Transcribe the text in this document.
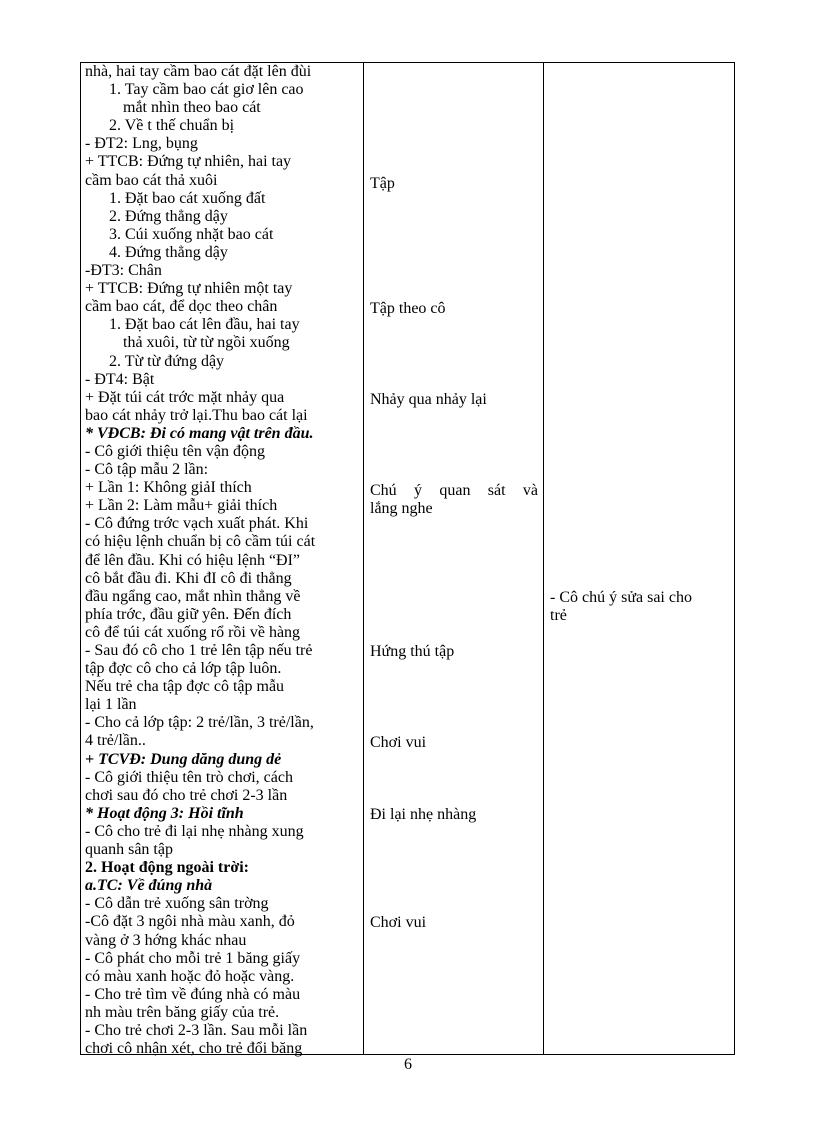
nhà, hai tay cầm bao cát đặt lên đùi
1. Tay cầm bao cát giơ lên cao
mắt nhìn theo bao cát
2. Về t thế chuẩn bị
- ĐT2: Lng, bụng
+ TTCB: Đứng tự nhiên, hai tay
cầm bao cát thả xuôi
1. Đặt bao cát xuống đất
2. Đứng thẳng dậy
3. Cúi xuống nhặt bao cát
4. Đứng thẳng dậy
-ĐT3: Chân
+ TTCB: Đứng tự nhiên một tay
cầm bao cát, để dọc theo chân
1. Đặt bao cát lên đầu, hai tay
thả xuôi, từ từ ngồi xuống
2. Từ từ đứng dậy
- ĐT4: Bật
+ Đặt túi cát trớc mặt nhảy qua
bao cát nhảy trở lại.Thu bao cát lại
* VĐCB: Đi có mang vật trên đầu.
- Cô giới thiệu tên vận động
- Cô tập mẫu 2 lần:
+ Lần 1: Không giảI thích
+ Lần 2: Làm mẫu+ giải thích
- Cô đứng trớc vạch xuất phát. Khi
có hiệu lệnh chuẩn bị cô cầm túi cát
để lên đầu. Khi có hiệu lệnh “ĐI”
cô bắt đầu đi. Khi đI cô đi thẳng
đầu ngẩng cao, mắt nhìn thẳng về
phía trớc, đầu giữ yên. Đến đích
cô để túi cát xuống rổ rồi về hàng
- Sau đó cô cho 1 trẻ lên tập nếu trẻ
tập đợc cô cho cả lớp tập luôn.
Nếu trẻ cha tập đợc cô tập mẫu
lại 1 lần
- Cho cả lớp tập: 2 trẻ/lần, 3 trẻ/lần,
4 trẻ/lần..
+ TCVĐ: Dung dăng dung dẻ
- Cô giới thiệu tên trò chơi, cách
chơi sau đó cho trẻ chơi 2-3 lần
* Hoạt động 3: Hồi tĩnh
- Cô cho trẻ đi lại nhẹ nhàng xung
quanh sân tập
2. Hoạt động ngoài trời:
a.TC: Về đúng nhà
- Cô dẫn trẻ xuống sân trờng
-Cô đặt 3 ngôi nhà màu xanh, đỏ
vàng ở 3 hớng khác nhau
- Cô phát cho mỗi trẻ 1 băng giấy
có màu xanh hoặc đỏ hoặc vàng.
- Cho trẻ tìm về đúng nhà có màu
nh màu trên băng giấy của trẻ.
- Cho trẻ chơi 2-3 lần. Sau mỗi lần
chơi cô nhận xét, cho trẻ đổi băng
Tập
Tập theo cô
Nhảy qua nhảy lại
Chú ý quan sát và
lắng nghe
Hứng thú tập
Chơi vui
Đi lại nhẹ nhàng
Chơi vui
- Cô chú ý sửa sai cho
trẻ
6
